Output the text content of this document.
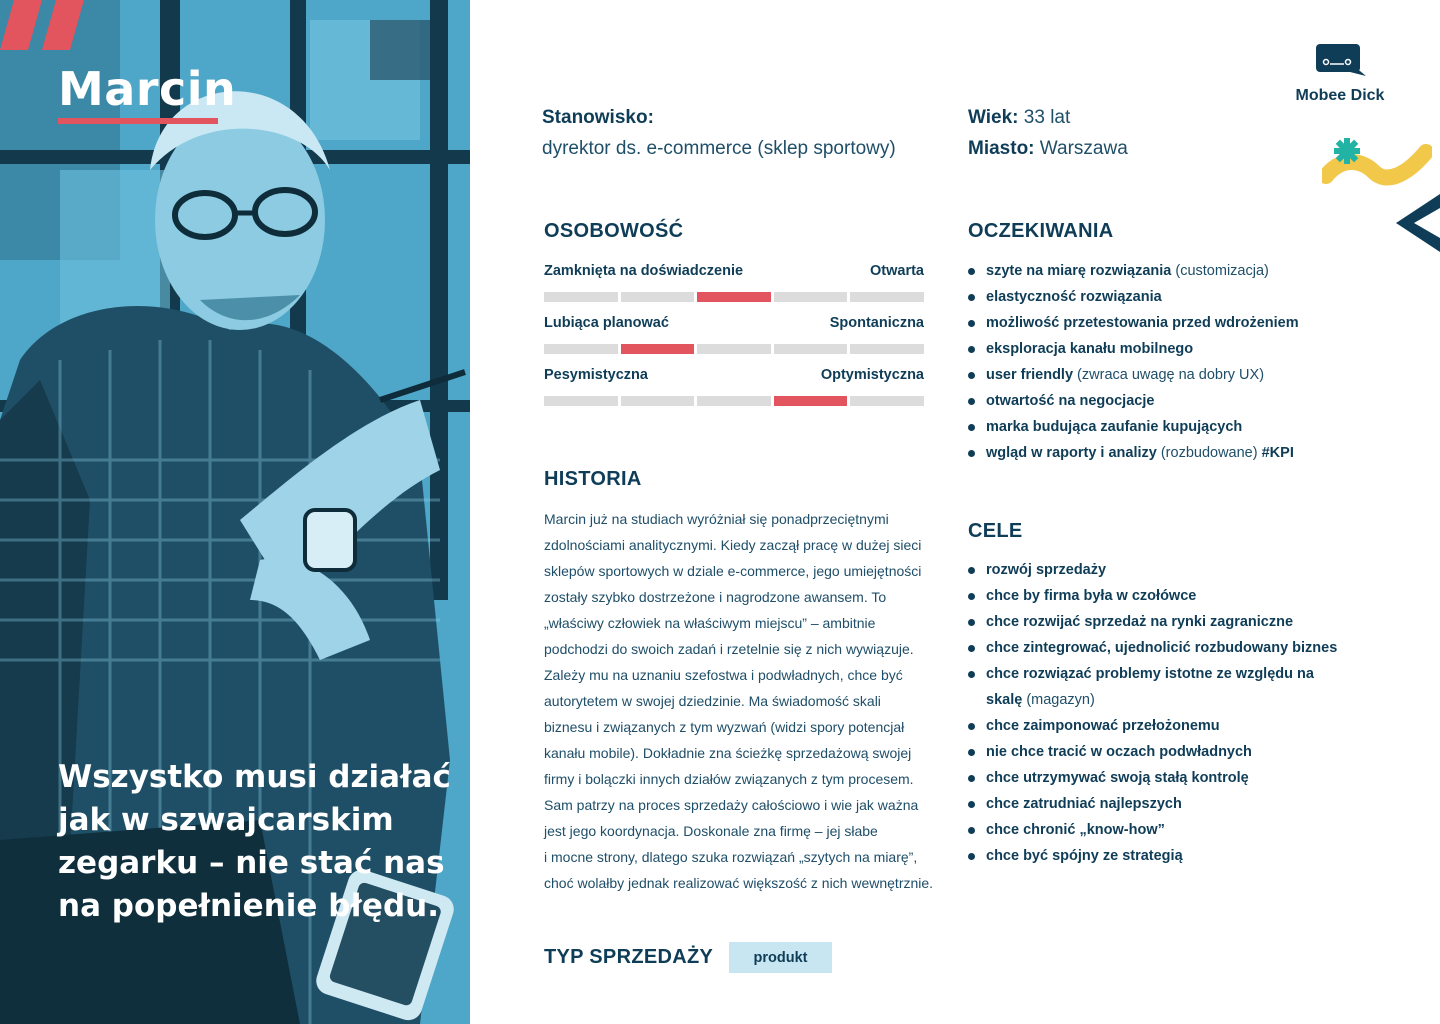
Marcin
Wszystko musi działać
jak w szwajcarskim
zegarku – nie stać nas
na popełnienie błędu.
Mobee Dick
Stanowisko:
dyrektor ds. e-commerce (sklep sportowy)
Wiek: 33 lat
Miasto: Warszawa
OSOBOWOŚĆ
Zamknięta na doświadczenie	Otwarta
Lubiąca planować	Spontaniczna
Pesymistyczna	Optymistyczna
HISTORIA
Marcin już na studiach wyróżniał się ponadprzeciętnymi
zdolnościami analitycznymi. Kiedy zaczął pracę w dużej sieci
sklepów sportowych w dziale e-commerce, jego umiejętności
zostały szybko dostrzeżone i nagrodzone awansem. To
„właściwy człowiek na właściwym miejscu” – ambitnie
podchodzi do swoich zadań i rzetelnie się z nich wywiązuje.
Zależy mu na uznaniu szefostwa i podwładnych, chce być
autorytetem w swojej dziedzinie. Ma świadomość skali
biznesu i związanych z tym wyzwań (widzi spory potencjał
kanału mobile). Dokładnie zna ścieżkę sprzedażową swojej
firmy i bolączki innych działów związanych z tym procesem.
Sam patrzy na proces sprzedaży całościowo i wie jak ważna
jest jego koordynacja. Doskonale zna firmę – jej słabe
i mocne strony, dlatego szuka rozwiązań „szytych na miarę”,
choć wolałby jednak realizować większość z nich wewnętrznie.
OCZEKIWANIA
szyte na miarę rozwiązania (customizacja)
elastyczność rozwiązania
możliwość przetestowania przed wdrożeniem
eksploracja kanału mobilnego
user friendly (zwraca uwagę na dobry UX)
otwartość na negocjacje
marka budująca zaufanie kupujących
wgląd w raporty i analizy (rozbudowane) #KPI
CELE
rozwój sprzedaży
chce by firma była w czołówce
chce rozwijać sprzedaż na rynki zagraniczne
chce zintegrować, ujednolicić rozbudowany biznes
chce rozwiązać problemy istotne ze względu na
skalę (magazyn)
chce zaimponować przełożonemu
nie chce tracić w oczach podwładnych
chce utrzymywać swoją stałą kontrolę
chce zatrudniać najlepszych
chce chronić „know-how”
chce być spójny ze strategią
TYP SPRZEDAŻY	produkt
